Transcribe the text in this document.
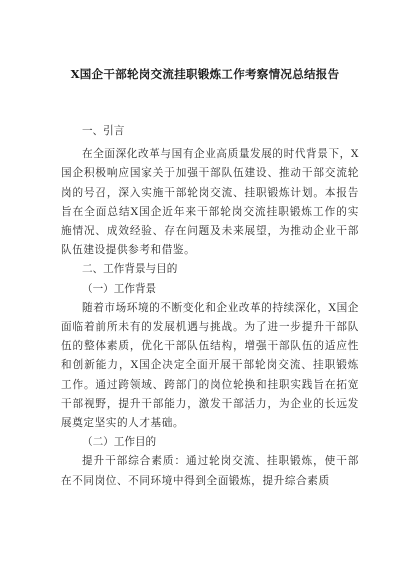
X国企干部轮岗交流挂职锻炼工作考察情况总结报告

一、引言

在全面深化改革与国有企业高质量发展的时代背景下，X国企积极响应国家关于加强干部队伍建设、推动干部交流轮岗的号召，深入实施干部轮岗交流、挂职锻炼计划。本报告旨在全面总结X国企近年来干部轮岗交流挂职锻炼工作的实施情况、成效经验、存在问题及未来展望，为推动企业干部队伍建设提供参考和借鉴。

二、工作背景与目的

（一）工作背景

随着市场环境的不断变化和企业改革的持续深化，X国企面临着前所未有的发展机遇与挑战。为了进一步提升干部队伍的整体素质，优化干部队伍结构，增强干部队伍的适应性和创新能力，X国企决定全面开展干部轮岗交流、挂职锻炼工作。通过跨领域、跨部门的岗位轮换和挂职实践旨在拓宽干部视野，提升干部能力，激发干部活力，为企业的长远发展奠定坚实的人才基础。

（二）工作目的

提升干部综合素质：通过轮岗交流、挂职锻炼，使干部在不同岗位、不同环境中得到全面锻炼，提升综合素质
